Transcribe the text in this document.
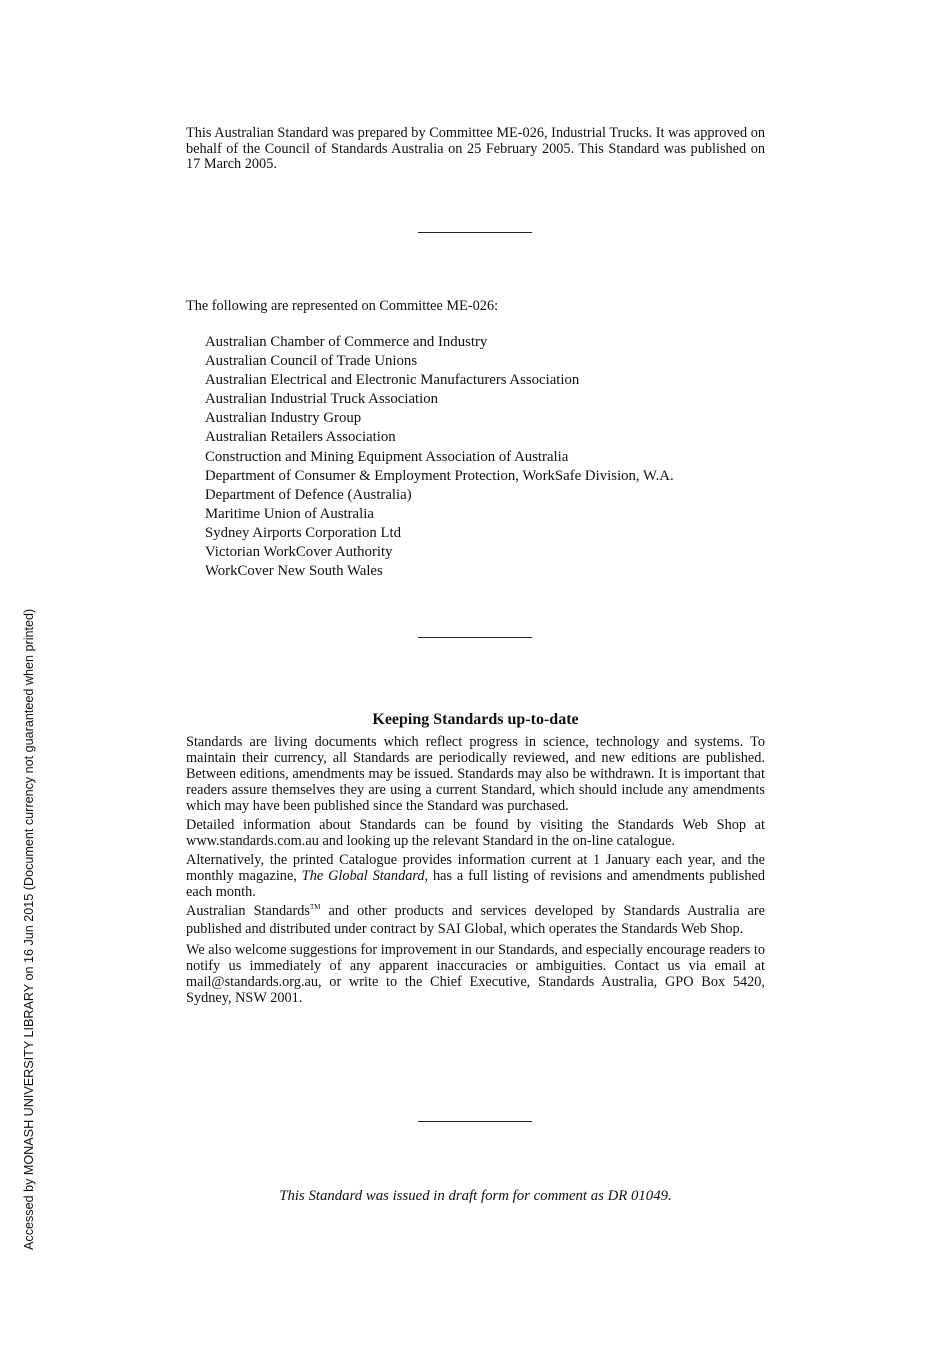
This Australian Standard was prepared by Committee ME-026, Industrial Trucks. It was approved on behalf of the Council of Standards Australia on 25 February 2005. This Standard was published on 17 March 2005.
The following are represented on Committee ME-026:
Australian Chamber of Commerce and Industry
Australian Council of Trade Unions
Australian Electrical and Electronic Manufacturers Association
Australian Industrial Truck Association
Australian Industry Group
Australian Retailers Association
Construction and Mining Equipment Association of Australia
Department of Consumer & Employment Protection, WorkSafe Division, W.A.
Department of Defence (Australia)
Maritime Union of Australia
Sydney Airports Corporation Ltd
Victorian WorkCover Authority
WorkCover New South Wales
Keeping Standards up-to-date

Standards are living documents which reflect progress in science, technology and systems. To maintain their currency, all Standards are periodically reviewed, and new editions are published. Between editions, amendments may be issued. Standards may also be withdrawn. It is important that readers assure themselves they are using a current Standard, which should include any amendments which may have been published since the Standard was purchased.

Detailed information about Standards can be found by visiting the Standards Web Shop at www.standards.com.au and looking up the relevant Standard in the on-line catalogue.

Alternatively, the printed Catalogue provides information current at 1 January each year, and the monthly magazine, The Global Standard, has a full listing of revisions and amendments published each month.

Australian Standards™ and other products and services developed by Standards Australia are published and distributed under contract by SAI Global, which operates the Standards Web Shop.

We also welcome suggestions for improvement in our Standards, and especially encourage readers to notify us immediately of any apparent inaccuracies or ambiguities. Contact us via email at mail@standards.org.au, or write to the Chief Executive, Standards Australia, GPO Box 5420, Sydney, NSW 2001.

This Standard was issued in draft form for comment as DR 01049.
Accessed by MONASH UNIVERSITY LIBRARY on 16 Jun 2015 (Document currency not guaranteed when printed)
